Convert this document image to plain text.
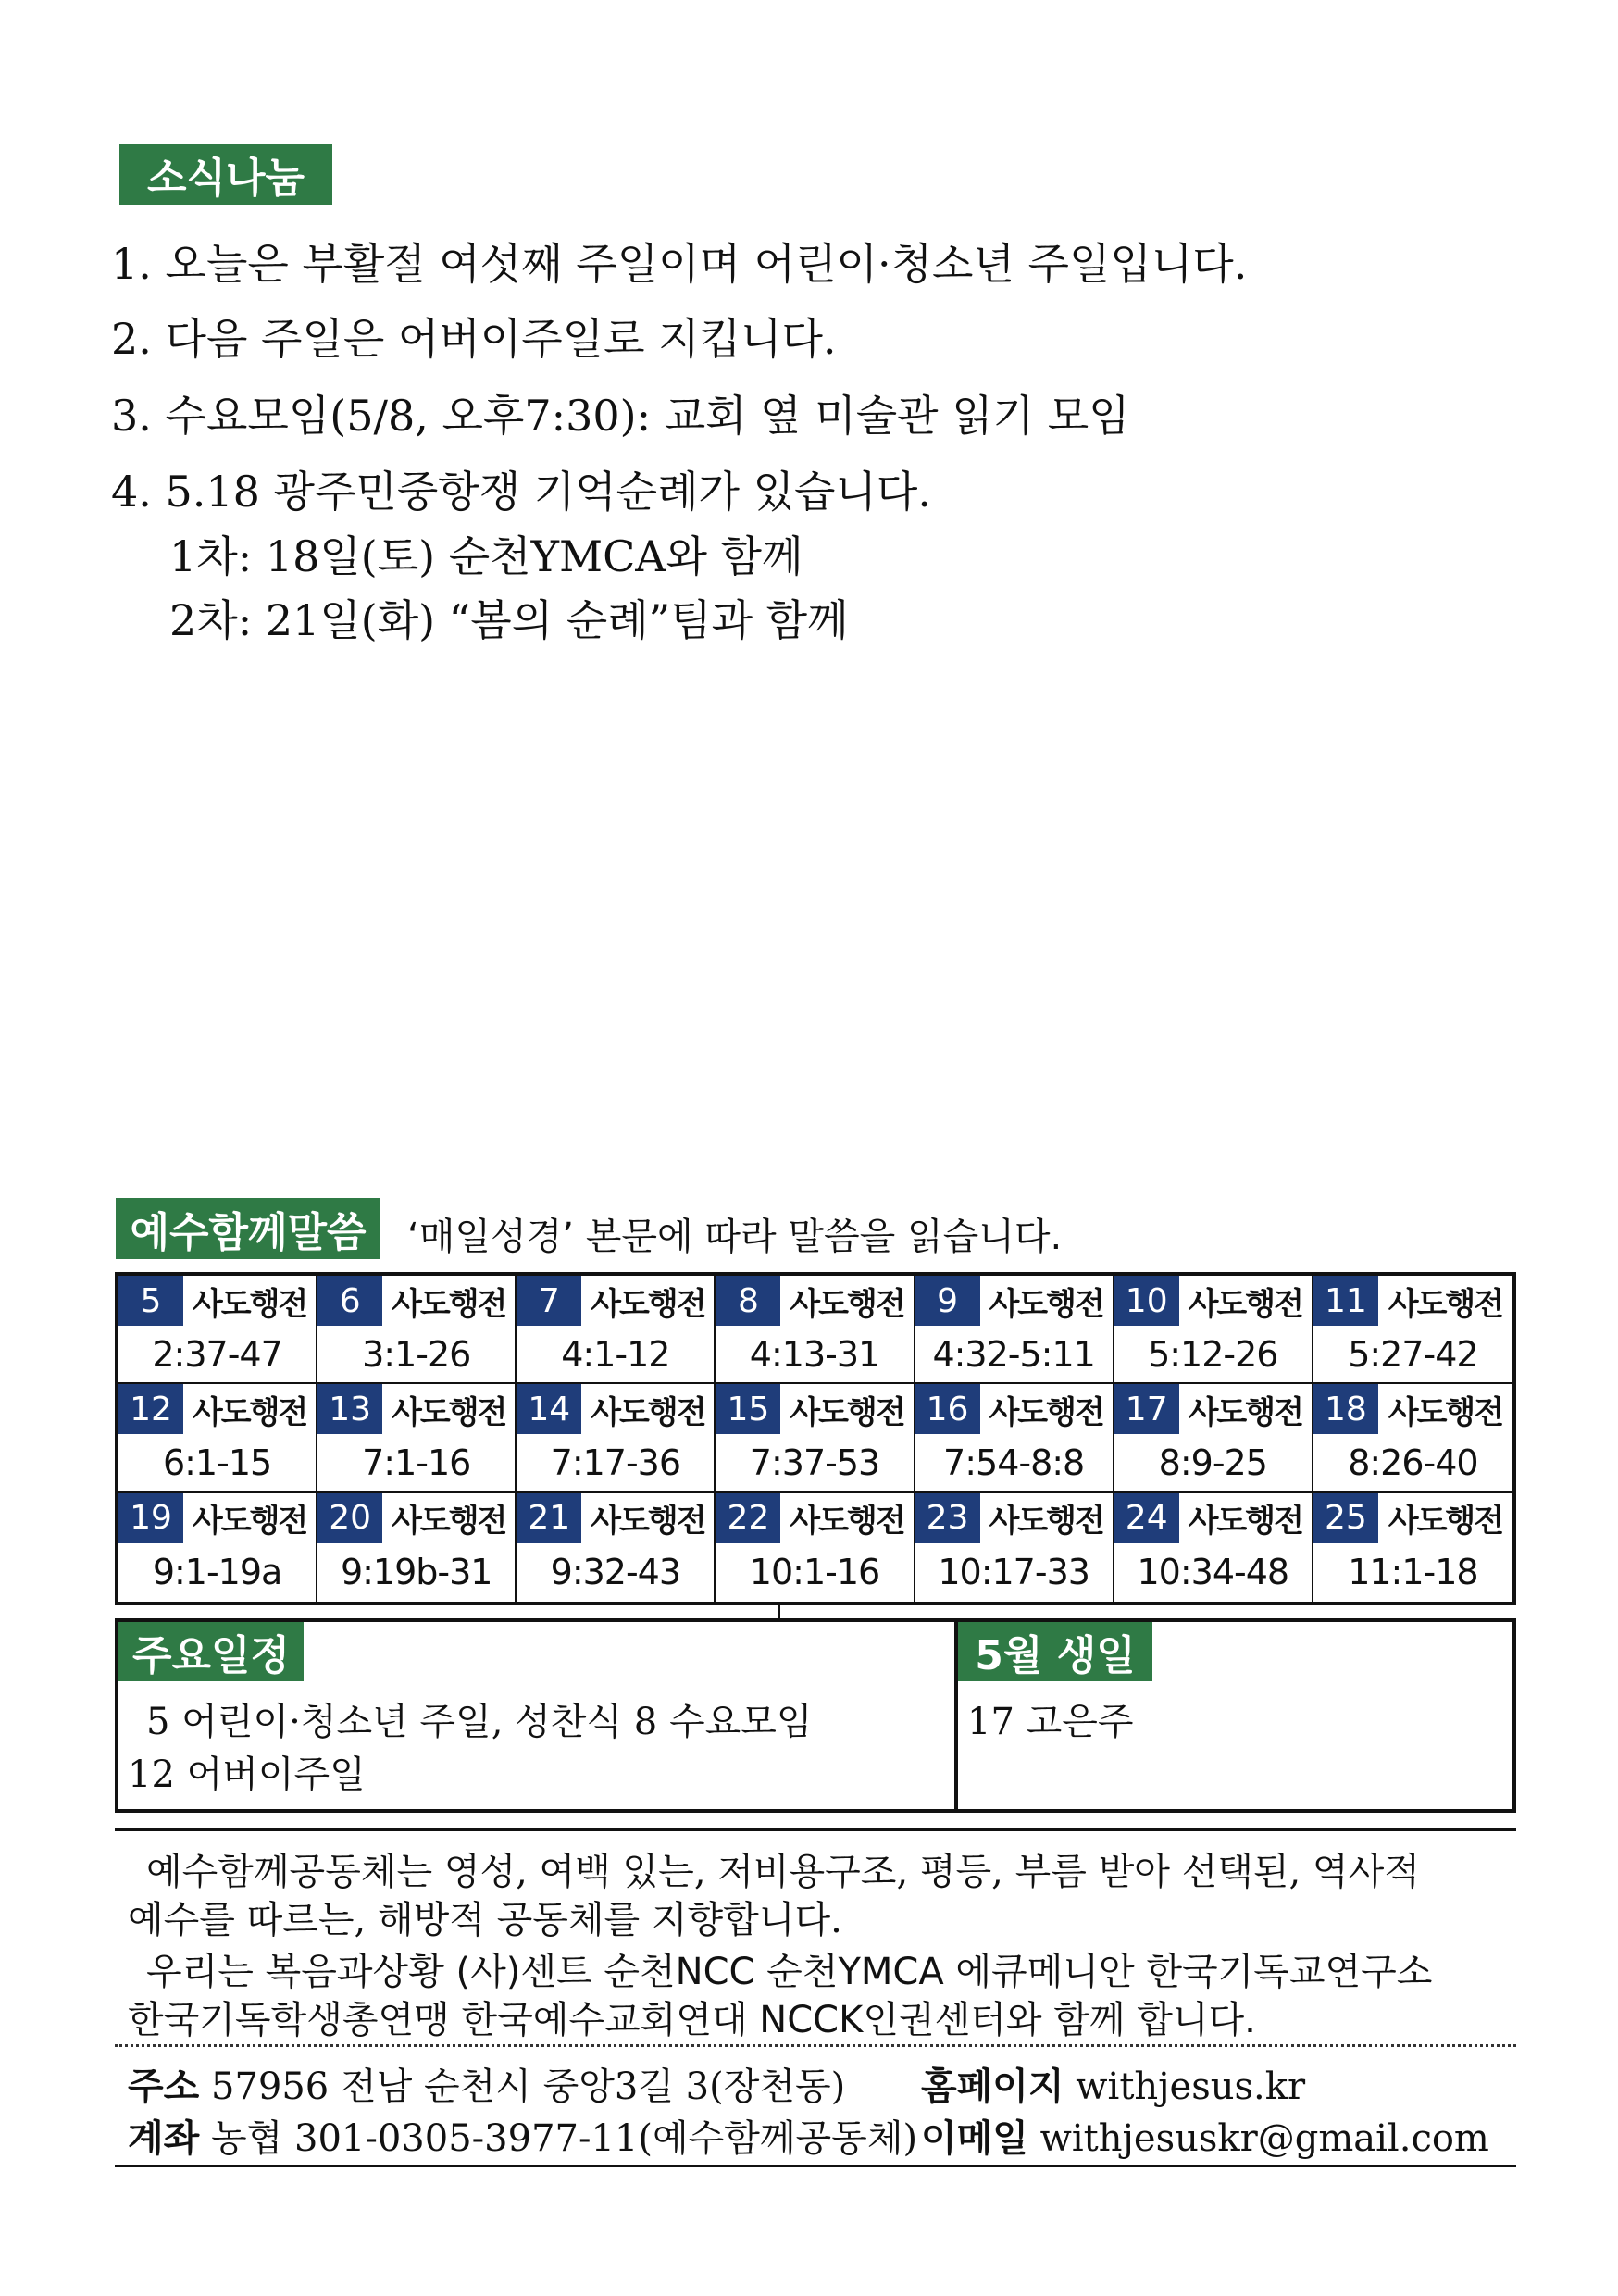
소식나눔
1. 오늘은 부활절 여섯째 주일이며 어린이·청소년 주일입니다.
2. 다음 주일은 어버이주일로 지킵니다.
3. 수요모임(5/8, 오후7:30): 교회 옆 미술관 읽기 모임
4. 5.18 광주민중항쟁 기억순례가 있습니다.
1차: 18일(토) 순천YMCA와 함께
2차: 21일(화) “봄의 순례”팀과 함께
예수함께말씀	‘매일성경’ 본문에 따라 말씀을 읽습니다.
5 사도행전
2:37-47
6 사도행전
3:1-26
7 사도행전
4:1-12
8 사도행전
4:13-31
9 사도행전
4:32-5:11
10 사도행전
5:12-26
11 사도행전
5:27-42
12 사도행전
6:1-15
13 사도행전
7:1-16
14 사도행전
7:17-36
15 사도행전
7:37-53
16 사도행전
7:54-8:8
17 사도행전
8:9-25
18 사도행전
8:26-40
19 사도행전
9:1-19a
20 사도행전
9:19b-31
21 사도행전
9:32-43
22 사도행전
10:1-16
23 사도행전
10:17-33
24 사도행전
10:34-48
25 사도행전
11:1-18
주요일정	5월 생일
5 어린이·청소년 주일, 성찬식 8 수요모임
12 어버이주일
17 고은주
예수함께공동체는 영성, 여백 있는, 저비용구조, 평등, 부름 받아 선택된, 역사적
예수를 따르는, 해방적 공동체를 지향합니다.
우리는 복음과상황 (사)센트 순천NCC 순천YMCA 에큐메니안 한국기독교연구소
한국기독학생총연맹 한국예수교회연대 NCCK인권센터와 함께 합니다.
주소 57956 전남 순천시 중앙3길 3(장천동) 홈페이지 withjesus.kr
계좌 농협 301-0305-3977-11(예수함께공동체) 이메일 withjesuskr@gmail.com
